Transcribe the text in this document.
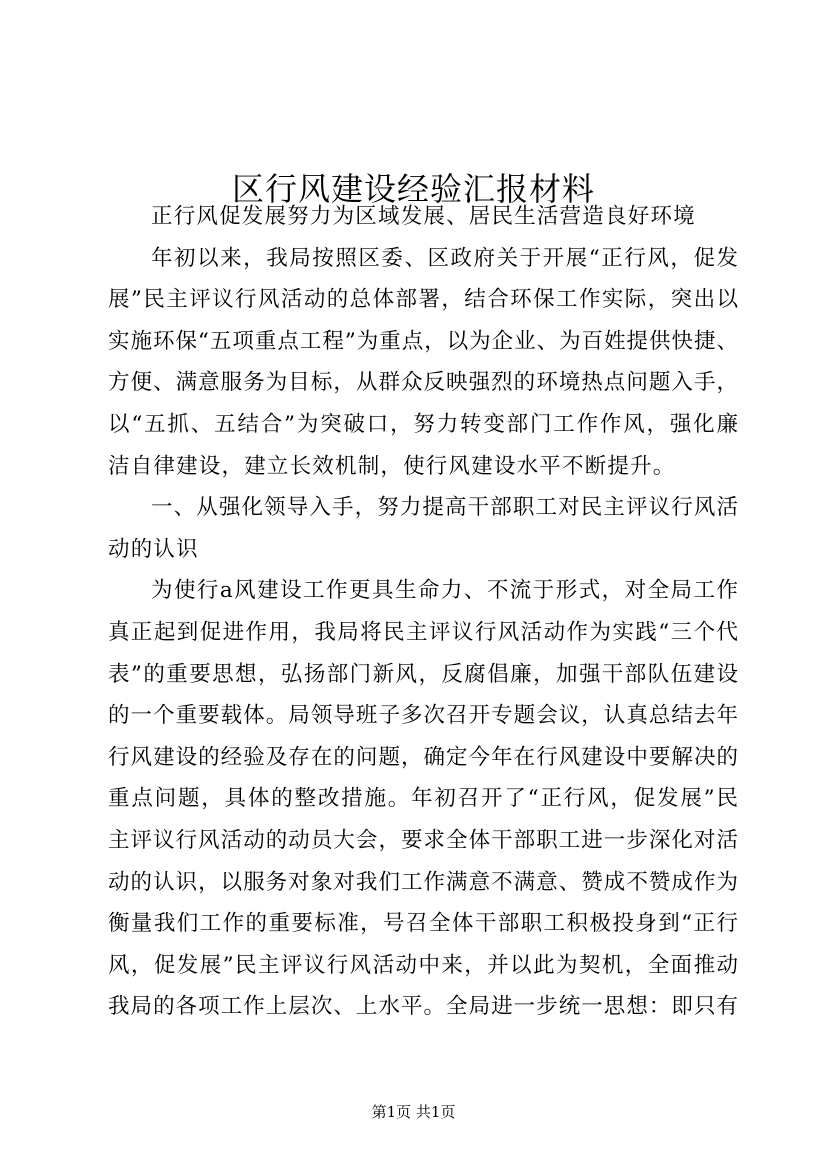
区行风建设经验汇报材料
正行风促发展努力为区域发展、居民生活营造良好环境
年初以来，我局按照区委、区政府关于开展“正行风，促发
展”民主评议行风活动的总体部署，结合环保工作实际，突出以
实施环保“五项重点工程”为重点，以为企业、为百姓提供快捷、
方便、满意服务为目标，从群众反映强烈的环境热点问题入手，
以“五抓、五结合”为突破口，努力转变部门工作作风，强化廉
洁自律建设，建立长效机制，使行风建设水平不断提升。
一、从强化领导入手，努力提高干部职工对民主评议行风活
动的认识
为使行a风建设工作更具生命力、不流于形式，对全局工作
真正起到促进作用，我局将民主评议行风活动作为实践“三个代
表”的重要思想，弘扬部门新风，反腐倡廉，加强干部队伍建设
的一个重要载体。局领导班子多次召开专题会议，认真总结去年
行风建设的经验及存在的问题，确定今年在行风建设中要解决的
重点问题，具体的整改措施。年初召开了“正行风，促发展”民
主评议行风活动的动员大会，要求全体干部职工进一步深化对活
动的认识，以服务对象对我们工作满意不满意、赞成不赞成作为
衡量我们工作的重要标准，号召全体干部职工积极投身到“正行
风，促发展”民主评议行风活动中来，并以此为契机，全面推动
我局的各项工作上层次、上水平。全局进一步统一思想：即只有
第1页 共1页
